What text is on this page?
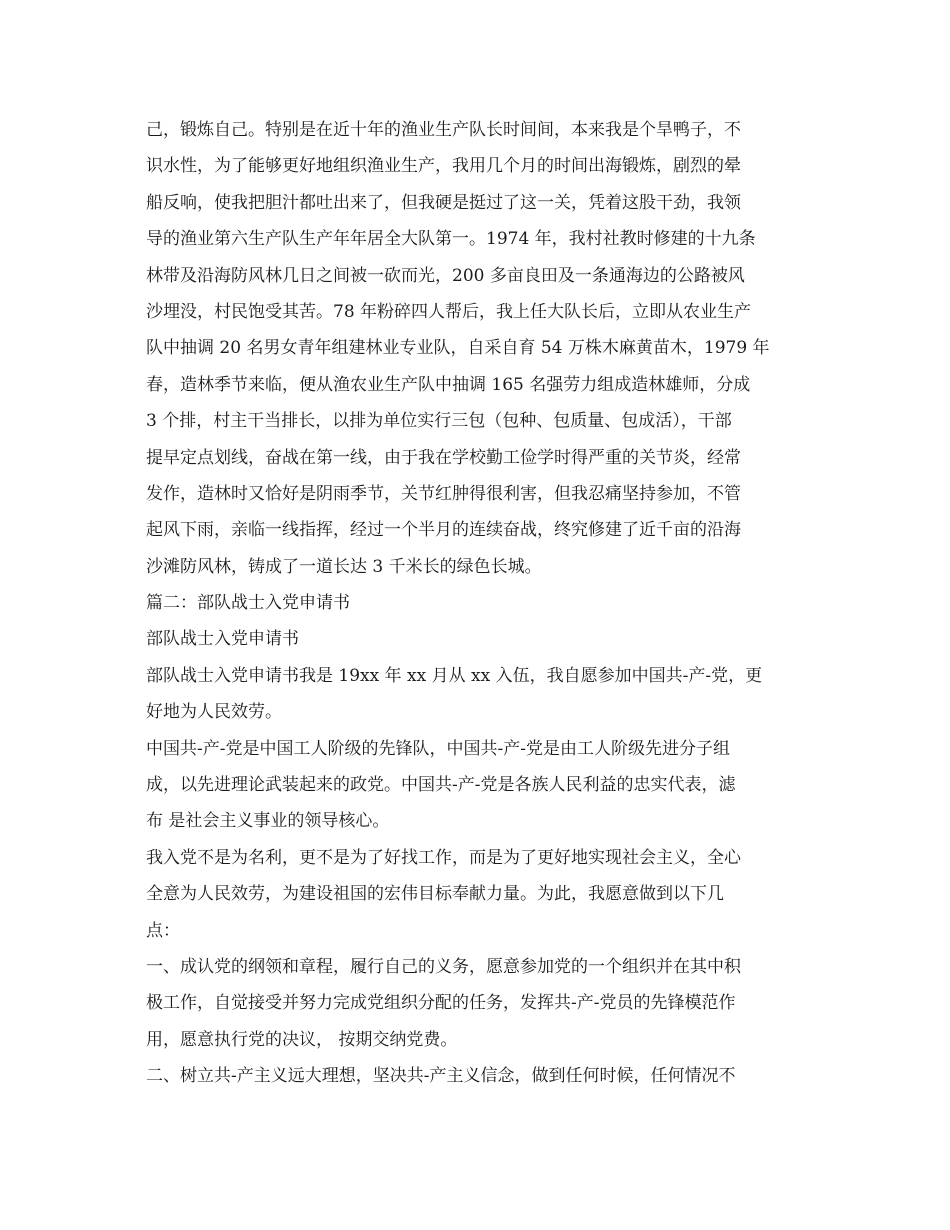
己，锻炼自己。特别是在近十年的渔业生产队长时间间，本来我是个旱鸭子，不
识水性，为了能够更好地组织渔业生产，我用几个月的时间出海锻炼，剧烈的晕
船反响，使我把胆汁都吐出来了，但我硬是挺过了这一关，凭着这股干劲，我领
导的渔业第六生产队生产年年居全大队第一。1974 年，我村社教时修建的十九条
林带及沿海防风林几日之间被一砍而光，200 多亩良田及一条通海边的公路被风
沙埋没，村民饱受其苦。78 年粉碎四人帮后，我上任大队长后，立即从农业生产
队中抽调 20 名男女青年组建林业专业队，自采自育 54 万株木麻黄苗木，1979 年
春，造林季节来临，便从渔农业生产队中抽调 165 名强劳力组成造林雄师，分成
3 个排，村主干当排长，以排为单位实行三包（包种、包质量、包成活），干部
提早定点划线，奋战在第一线，由于我在学校勤工俭学时得严重的关节炎，经常
发作，造林时又恰好是阴雨季节，关节红肿得很利害，但我忍痛坚持参加，不管
起风下雨，亲临一线指挥，经过一个半月的连续奋战，终究修建了近千亩的沿海
沙滩防风林，铸成了一道长达 3 千米长的绿色长城。
篇二：部队战士入党申请书
部队战士入党申请书
部队战士入党申请书我是 19xx 年 xx 月从 xx 入伍，我自愿参加中国共-产-党，更
好地为人民效劳。
中国共-产-党是中国工人阶级的先锋队，中国共-产-党是由工人阶级先进分子组
成，以先进理论武装起来的政党。中国共-产-党是各族人民利益的忠实代表，滤
布 是社会主义事业的领导核心。
我入党不是为名利，更不是为了好找工作，而是为了更好地实现社会主义，全心
全意为人民效劳，为建设祖国的宏伟目标奉献力量。为此，我愿意做到以下几
点：
一、成认党的纲领和章程，履行自己的义务，愿意参加党的一个组织并在其中积
极工作，自觉接受并努力完成党组织分配的任务，发挥共-产-党员的先锋模范作
用，愿意执行党的决议， 按期交纳党费。
二、树立共-产主义远大理想，坚决共-产主义信念，做到任何时候，任何情况不
